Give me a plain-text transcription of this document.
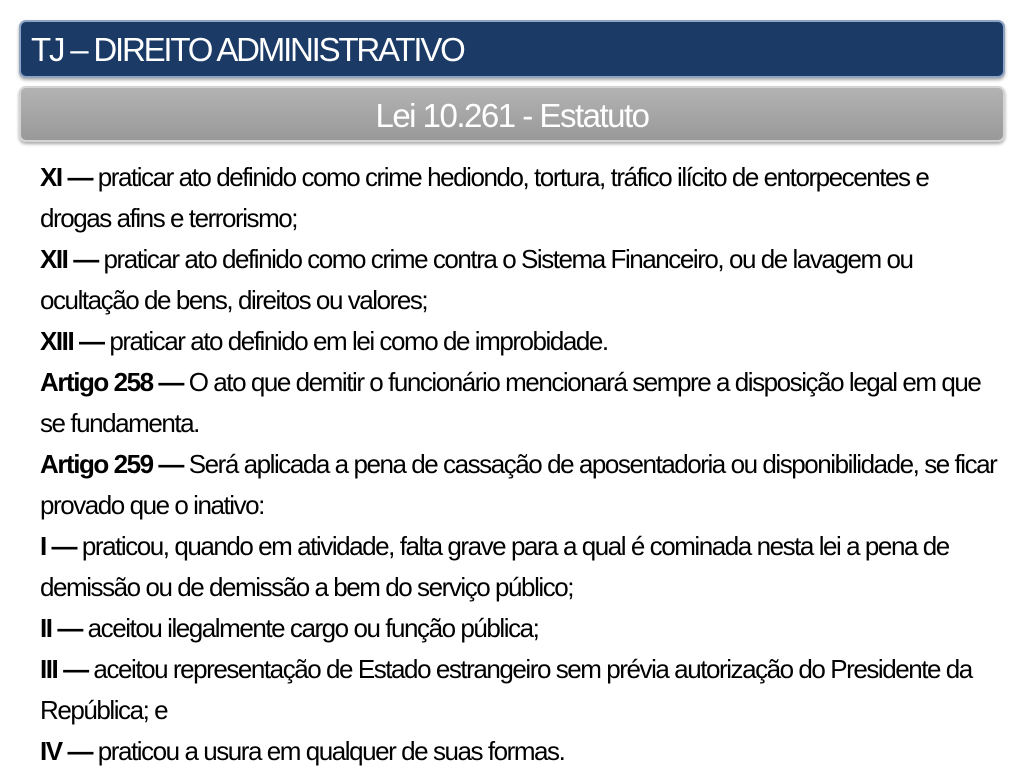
TJ – DIREITO ADMINISTRATIVO
Lei 10.261 - Estatuto

XI — praticar ato definido como crime hediondo, tortura, tráfico ilícito de entorpecentes e drogas afins e terrorismo;

XII — praticar ato definido como crime contra o Sistema Financeiro, ou de lavagem ou ocultação de bens, direitos ou valores;

XIII — praticar ato definido em lei como de improbidade.

Artigo 258 — O ato que demitir o funcionário mencionará sempre a disposição legal em que se fundamenta.

Artigo 259 — Será aplicada a pena de cassação de aposentadoria ou disponibilidade, se ficar provado que o inativo:

I — praticou, quando em atividade, falta grave para a qual é cominada nesta lei a pena de demissão ou de demissão a bem do serviço público;

II — aceitou ilegalmente cargo ou função pública;

III — aceitou representação de Estado estrangeiro sem prévia autorização do Presidente da República; e

IV — praticou a usura em qualquer de suas formas.
